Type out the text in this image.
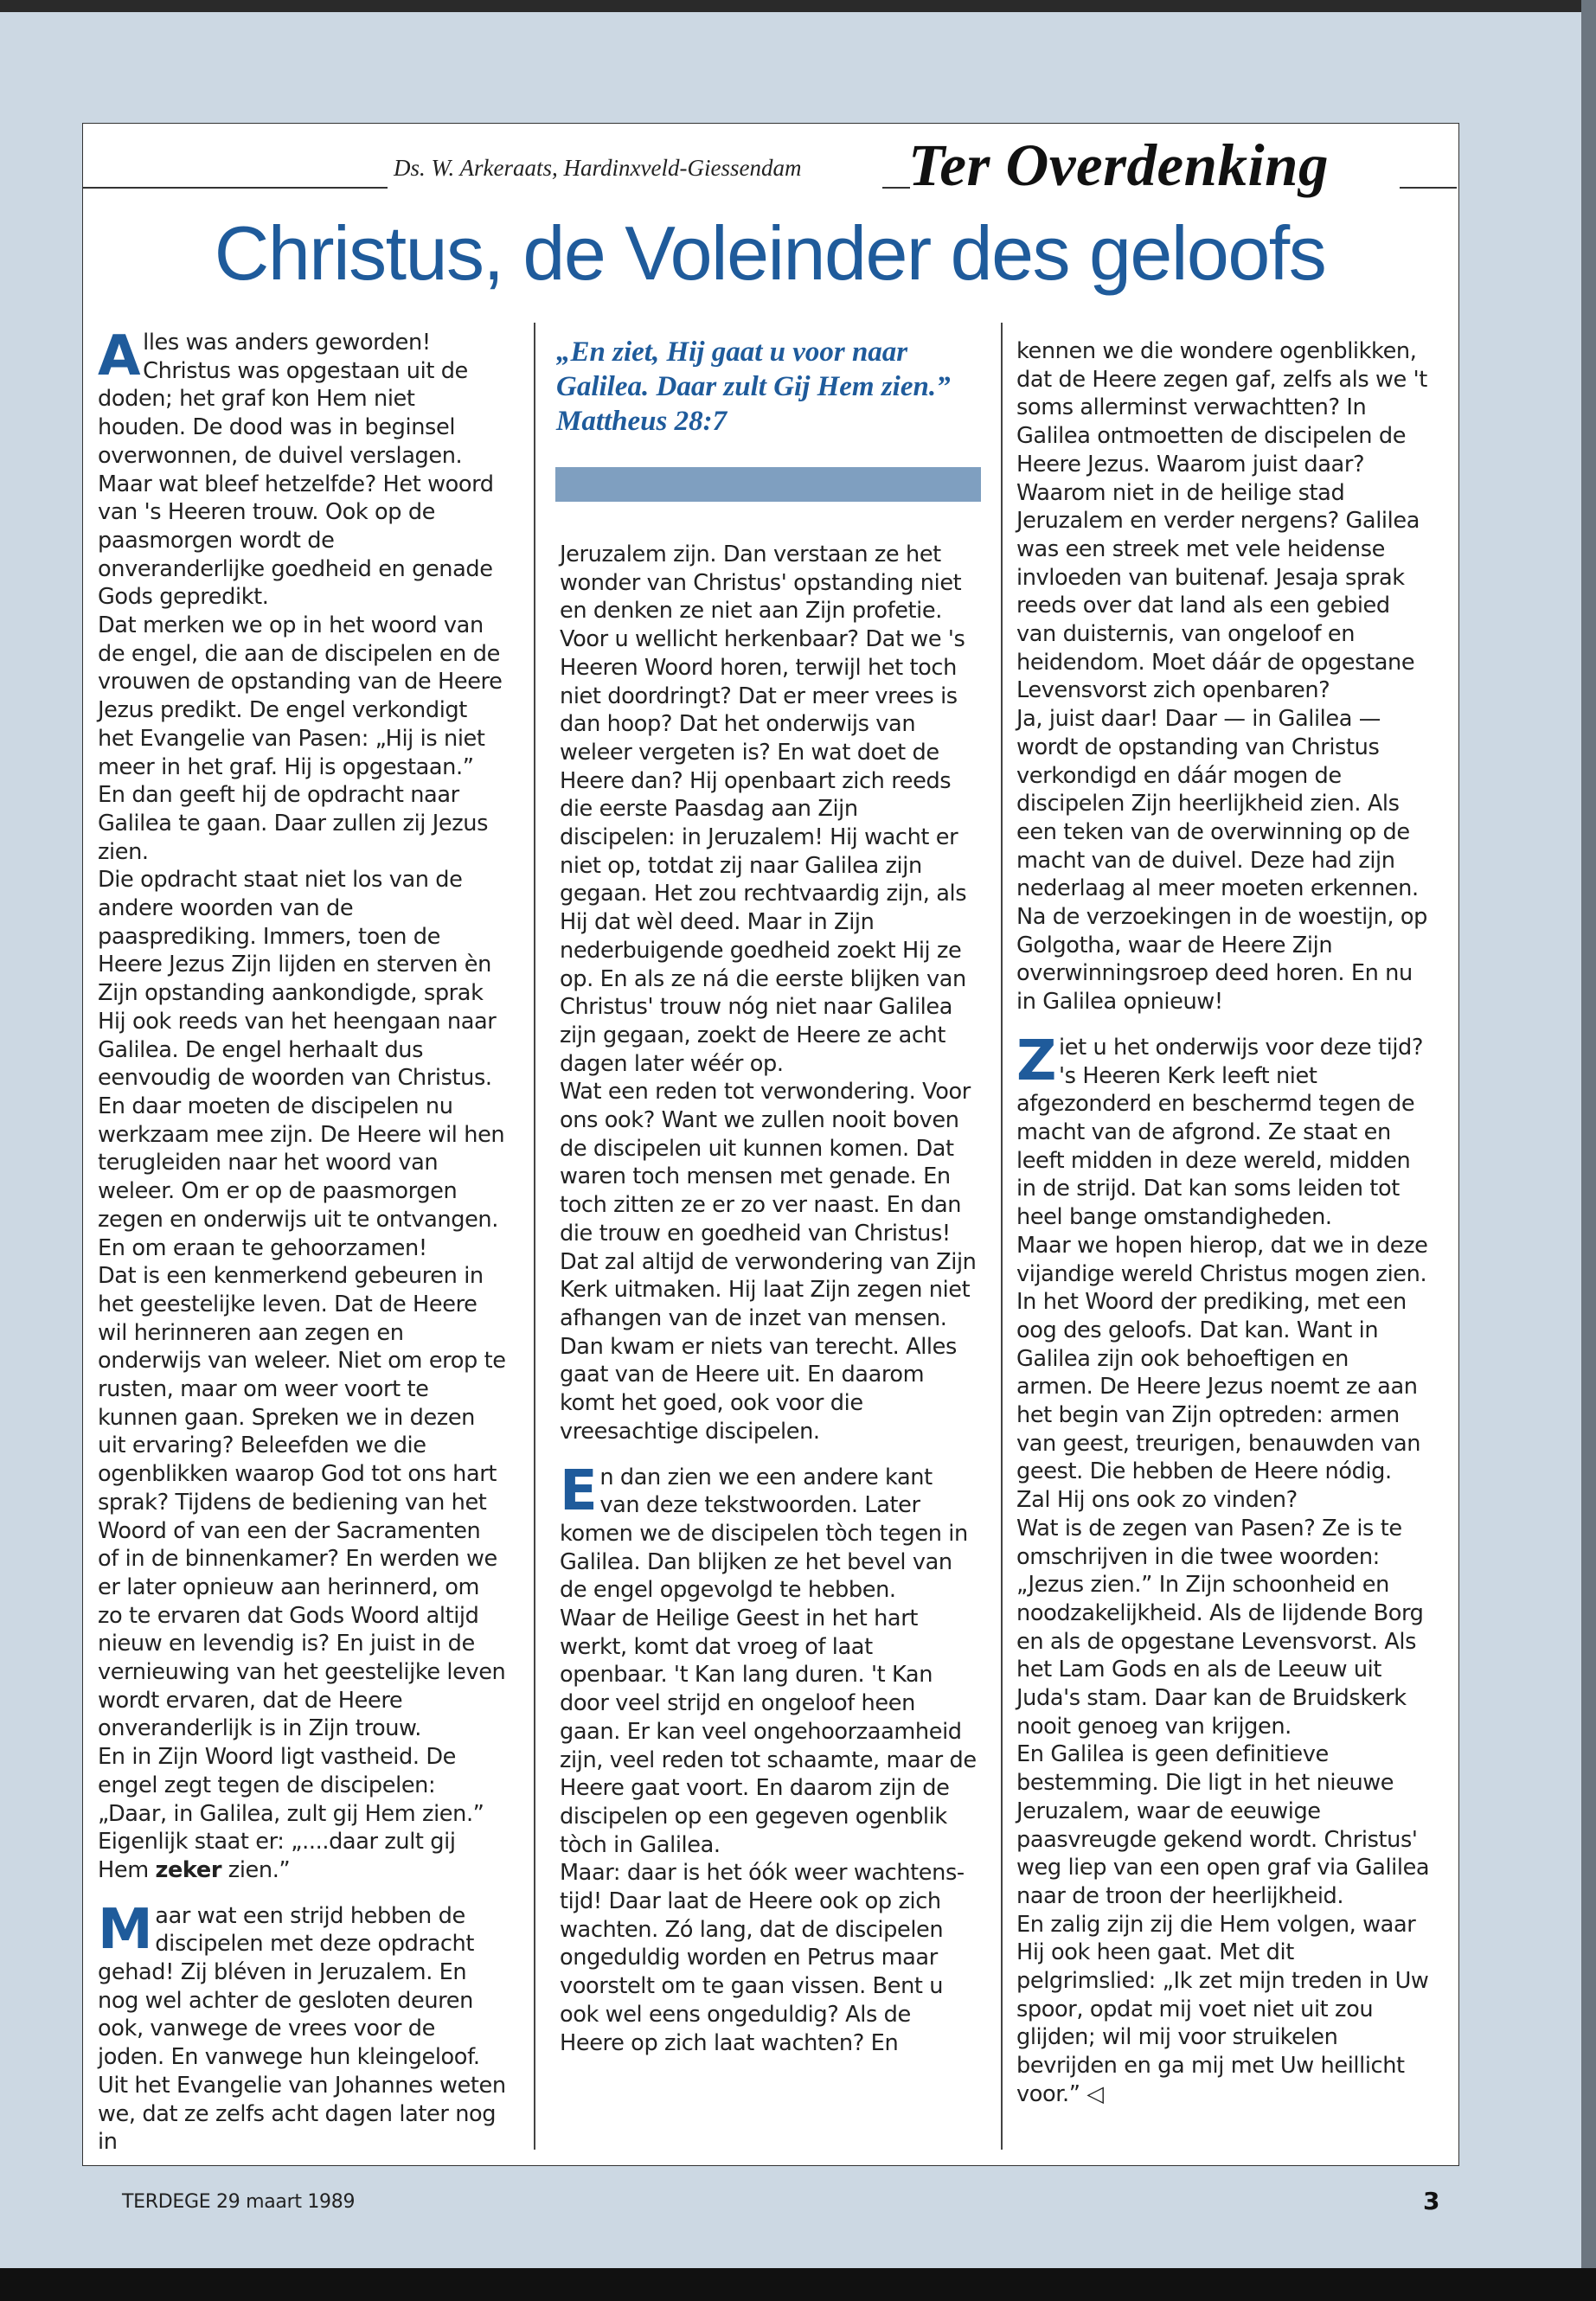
Ds. W. Arkeraats, Hardinxveld-Giessendam	Ter Overdenking
Christus, de Voleinder des geloofs

Alles was anders geworden! Christus was opgestaan uit de doden; het graf kon Hem niet houden. De dood was in beginsel overwonnen, de duivel verslagen. Maar wat bleef hetzelfde? Het woord van 's Heeren trouw. Ook op de paasmorgen wordt de onveranderlijke goedheid en genade Gods gepredikt.

Dat merken we op in het woord van de engel, die aan de discipelen en de vrouwen de opstanding van de Heere Jezus predikt. De engel verkondigt het Evangelie van Pasen: „Hij is niet meer in het graf. Hij is opgestaan.” En dan geeft hij de opdracht naar Galilea te gaan. Daar zullen zij Jezus zien.

Die opdracht staat niet los van de andere woorden van de paasprediking. Immers, toen de Heere Jezus Zijn lijden en sterven èn Zijn opstanding aankondigde, sprak Hij ook reeds van het heengaan naar Galilea. De engel herhaalt dus eenvoudig de woorden van Christus.

En daar moeten de discipelen nu werkzaam mee zijn. De Heere wil hen terugleiden naar het woord van weleer. Om er op de paasmorgen zegen en onderwijs uit te ontvangen. En om eraan te gehoorzamen!

Dat is een kenmerkend gebeuren in het geestelijke leven. Dat de Heere wil herinneren aan zegen en onderwijs van weleer. Niet om erop te rusten, maar om weer voort te kunnen gaan. Spreken we in dezen uit ervaring? Beleefden we die ogenblikken waarop God tot ons hart sprak? Tijdens de bediening van het Woord of van een der Sacramenten of in de binnenkamer? En werden we er later opnieuw aan herinnerd, om zo te ervaren dat Gods Woord altijd nieuw en levendig is? En juist in de vernieuwing van het geestelijke leven wordt ervaren, dat de Heere onveranderlijk is in Zijn trouw.

En in Zijn Woord ligt vastheid. De engel zegt tegen de discipelen: „Daar, in Galilea, zult gij Hem zien.” Eigenlijk staat er: „....daar zult gij Hem zeker zien.”

Maar wat een strijd hebben de discipelen met deze opdracht gehad! Zij bléven in Jeruzalem. En nog wel achter de gesloten deuren ook, vanwege de vrees voor de joden. En vanwege hun kleingeloof. Uit het Evangelie van Johannes weten we, dat ze zelfs acht dagen later nog in

„En ziet, Hij gaat u voor naar Galilea. Daar zult Gij Hem zien.” Mattheus 28:7

Jeruzalem zijn. Dan verstaan ze het wonder van Christus' opstanding niet en denken ze niet aan Zijn profetie. Voor u wellicht herkenbaar? Dat we 's Heeren Woord horen, terwijl het toch niet doordringt? Dat er meer vrees is dan hoop? Dat het onderwijs van weleer vergeten is? En wat doet de Heere dan? Hij openbaart zich reeds die eerste Paasdag aan Zijn discipelen: in Jeruzalem! Hij wacht er niet op, totdat zij naar Galilea zijn gegaan. Het zou rechtvaardig zijn, als Hij dat wèl deed. Maar in Zijn nederbuigende goedheid zoekt Hij ze op. En als ze ná die eerste blijken van Christus' trouw nóg niet naar Galilea zijn gegaan, zoekt de Heere ze acht dagen later wéér op.

Wat een reden tot verwondering. Voor ons ook? Want we zullen nooit boven de discipelen uit kunnen komen. Dat waren toch mensen met genade. En toch zitten ze er zo ver naast. En dan die trouw en goedheid van Christus! Dat zal altijd de verwondering van Zijn Kerk uitmaken. Hij laat Zijn zegen niet afhangen van de inzet van mensen. Dan kwam er niets van terecht. Alles gaat van de Heere uit. En daarom komt het goed, ook voor die vreesachtige discipelen.

En dan zien we een andere kant van deze tekstwoorden. Later komen we de discipelen tòch tegen in Galilea. Dan blijken ze het bevel van de engel opgevolgd te hebben.

Waar de Heilige Geest in het hart werkt, komt dat vroeg of laat openbaar. 't Kan lang duren. 't Kan door veel strijd en ongeloof heen gaan. Er kan veel ongehoorzaamheid zijn, veel reden tot schaamte, maar de Heere gaat voort. En daarom zijn de discipelen op een gegeven ogenblik tòch in Galilea.

Maar: daar is het óók weer wachtens-tijd! Daar laat de Heere ook op zich wachten. Zó lang, dat de discipelen ongeduldig worden en Petrus maar voorstelt om te gaan vissen. Bent u ook wel eens ongeduldig? Als de Heere op zich laat wachten? En

kennen we die wondere ogenblikken, dat de Heere zegen gaf, zelfs als we 't soms allerminst verwachtten? In Galilea ontmoetten de discipelen de Heere Jezus. Waarom juist daar? Waarom niet in de heilige stad Jeruzalem en verder nergens? Galilea was een streek met vele heidense invloeden van buitenaf. Jesaja sprak reeds over dat land als een gebied van duisternis, van ongeloof en heidendom. Moet dáár de opgestane Levensvorst zich openbaren?

Ja, juist daar! Daar — in Galilea — wordt de opstanding van Christus verkondigd en dáár mogen de discipelen Zijn heerlijkheid zien. Als een teken van de overwinning op de macht van de duivel. Deze had zijn nederlaag al meer moeten erkennen. Na de verzoekingen in de woestijn, op Golgotha, waar de Heere Zijn overwinningsroep deed horen. En nu in Galilea opnieuw!

Ziet u het onderwijs voor deze tijd? 's Heeren Kerk leeft niet afgezonderd en beschermd tegen de macht van de afgrond. Ze staat en leeft midden in deze wereld, midden in de strijd. Dat kan soms leiden tot heel bange omstandigheden.

Maar we hopen hierop, dat we in deze vijandige wereld Christus mogen zien. In het Woord der prediking, met een oog des geloofs. Dat kan. Want in Galilea zijn ook behoeftigen en armen. De Heere Jezus noemt ze aan het begin van Zijn optreden: armen van geest, treurigen, benauwden van geest. Die hebben de Heere nódig. Zal Hij ons ook zo vinden?

Wat is de zegen van Pasen? Ze is te omschrijven in die twee woorden: „Jezus zien.” In Zijn schoonheid en noodzakelijkheid. Als de lijdende Borg en als de opgestane Levensvorst. Als het Lam Gods en als de Leeuw uit Juda's stam. Daar kan de Bruidskerk nooit genoeg van krijgen.

En Galilea is geen definitieve bestemming. Die ligt in het nieuwe Jeruzalem, waar de eeuwige paasvreugde gekend wordt. Christus' weg liep van een open graf via Galilea naar de troon der heerlijkheid.

En zalig zijn zij die Hem volgen, waar Hij ook heen gaat. Met dit pelgrimslied: „Ik zet mijn treden in Uw spoor, opdat mij voet niet uit zou glijden; wil mij voor struikelen bevrijden en ga mij met Uw heillicht voor.” ◁

TERDEGE 29 maart 1989	3
